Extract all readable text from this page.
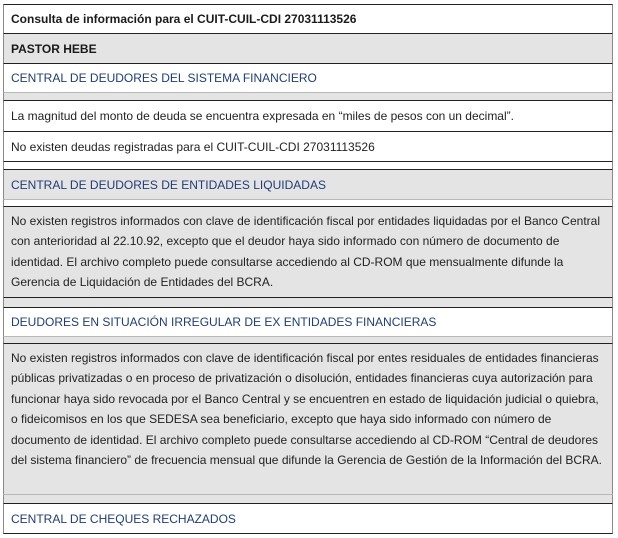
Consulta de información para el CUIT-CUIL-CDI 27031113526
PASTOR HEBE
CENTRAL DE DEUDORES DEL SISTEMA FINANCIERO
La magnitud del monto de deuda se encuentra expresada en “miles de pesos con un decimal”.
No existen deudas registradas para el CUIT-CUIL-CDI 27031113526
CENTRAL DE DEUDORES DE ENTIDADES LIQUIDADAS
No existen registros informados con clave de identificación fiscal por entidades liquidadas por el Banco Central con anterioridad al 22.10.92, excepto que el deudor haya sido informado con número de documento de identidad. El archivo completo puede consultarse accediendo al CD-ROM que mensualmente difunde la Gerencia de Liquidación de Entidades del BCRA.
DEUDORES EN SITUACIÓN IRREGULAR DE EX ENTIDADES FINANCIERAS
No existen registros informados con clave de identificación fiscal por entes residuales de entidades financieras públicas privatizadas o en proceso de privatización o disolución, entidades financieras cuya autorización para funcionar haya sido revocada por el Banco Central y se encuentren en estado de liquidación judicial o quiebra, o fideicomisos en los que SEDESA sea beneficiario, excepto que haya sido informado con número de documento de identidad. El archivo completo puede consultarse accediendo al CD-ROM “Central de deudores del sistema financiero” de frecuencia mensual que difunde la Gerencia de Gestión de la Información del BCRA.
CENTRAL DE CHEQUES RECHAZADOS
